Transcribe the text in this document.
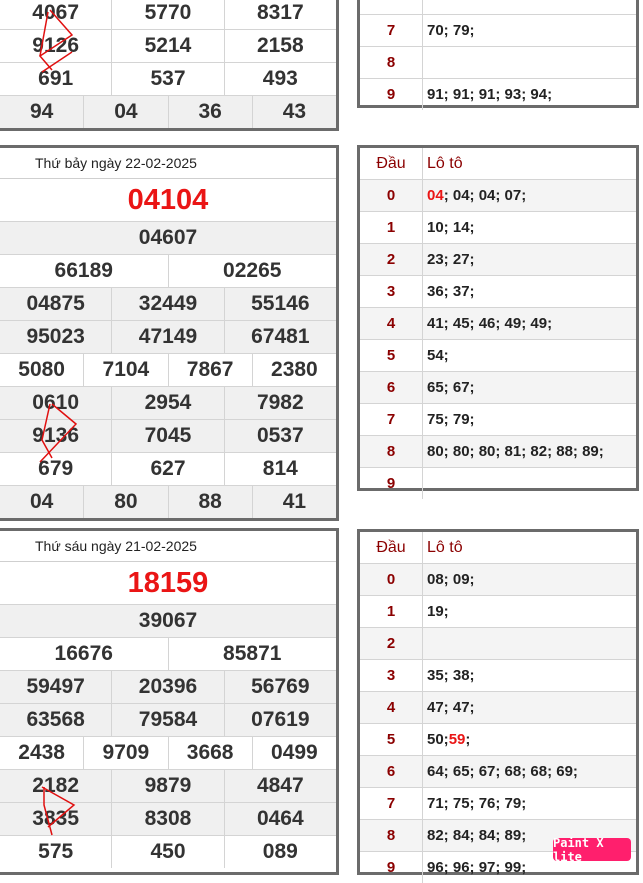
4067	5770	8317
9126	5214	2158
691	537	493
94	04	36	43
7	70; 79;
8
9	91; 91; 91; 93; 94;
Thứ bảy ngày 22-02-2025
04104
04607
66189	02265
04875	32449	55146
95023	47149	67481
5080	7104	7867	2380
0610	2954	7982
9136	7045	0537
679	627	814
04	80	88	41
Đầu	Lô tô
0	04 ; 04; 04; 07;
1	10; 14;
2	23; 27;
3	36; 37;
4	41; 45; 46; 49; 49;
5	54;
6	65; 67;
7	75; 79;
8	80; 80; 80; 81; 82; 88; 89;
9
Thứ sáu ngày 21-02-2025
18159
39067
16676	85871
59497	20396	56769
63568	79584	07619
2438	9709	3668	0499
2182	9879	4847
3835	8308	0464
575	450	089
Đầu	Lô tô
0	08; 09;
1	19;
2
3	35; 38;
4	47; 47;
5	50; 59 ;
6	64; 65; 67; 68; 68; 69;
7	71; 75; 76; 79;
8	82; 84; 84; 89;
9	96; 96; 97; 99;
Paint X lite
